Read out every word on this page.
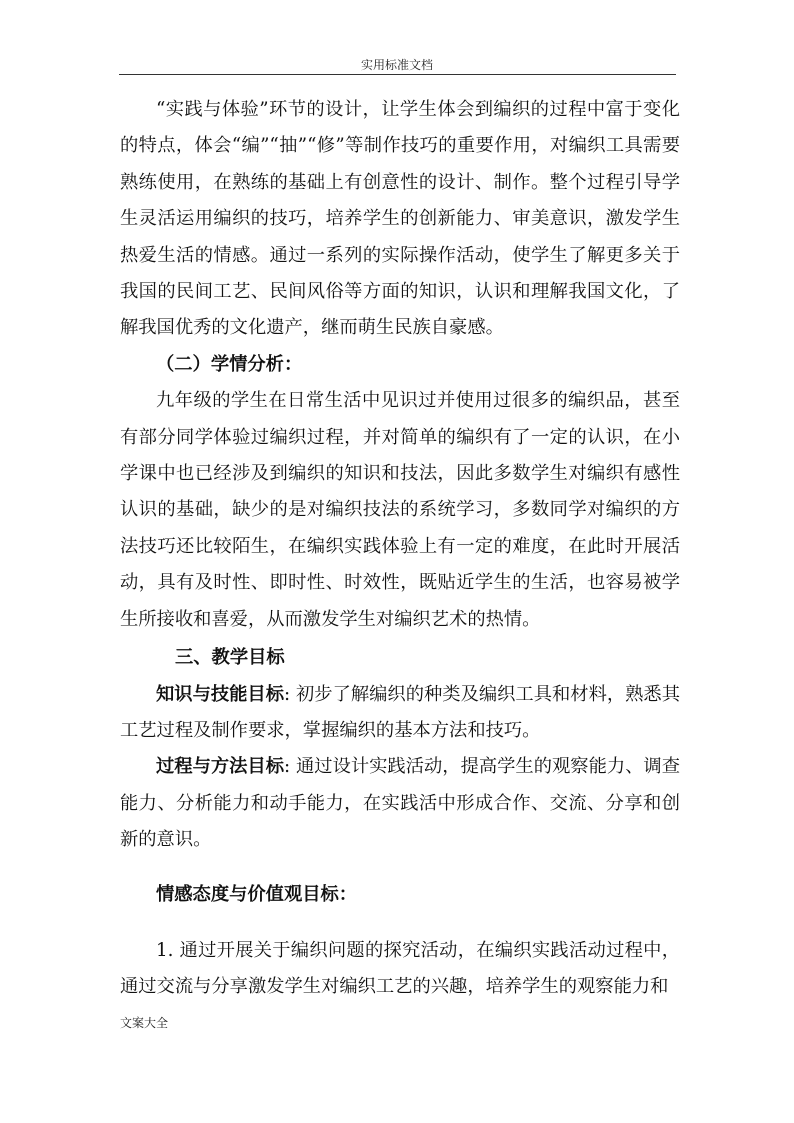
实用标准文档

“实践与体验”环节的设计，让学生体会到编织的过程中富于变化的特点，体会“编”“抽”“修”等制作技巧的重要作用，对编织工具需要熟练使用，在熟练的基础上有创意性的设计、制作。整个过程引导学生灵活运用编织的技巧，培养学生的创新能力、审美意识，激发学生热爱生活的情感。通过一系列的实际操作活动，使学生了解更多关于我国的民间工艺、民间风俗等方面的知识，认识和理解我国文化，了解我国优秀的文化遗产，继而萌生民族自豪感。

（二）学情分析：

九年级的学生在日常生活中见识过并使用过很多的编织品，甚至有部分同学体验过编织过程，并对简单的编织有了一定的认识，在小学课中也已经涉及到编织的知识和技法，因此多数学生对编织有感性认识的基础，缺少的是对编织技法的系统学习，多数同学对编织的方法技巧还比较陌生，在编织实践体验上有一定的难度，在此时开展活动，具有及时性、即时性、时效性，既贴近学生的生活，也容易被学生所接收和喜爱，从而激发学生对编织艺术的热情。

三、教学目标

知识与技能目标: 初步了解编织的种类及编织工具和材料，熟悉其工艺过程及制作要求，掌握编织的基本方法和技巧。

过程与方法目标: 通过设计实践活动，提高学生的观察能力、调查能力、分析能力和动手能力，在实践活中形成合作、交流、分享和创新的意识。

情感态度与价值观目标：

1. 通过开展关于编织问题的探究活动，在编织实践活动过程中，通过交流与分享激发学生对编织工艺的兴趣，培养学生的观察能力和

文案大全
